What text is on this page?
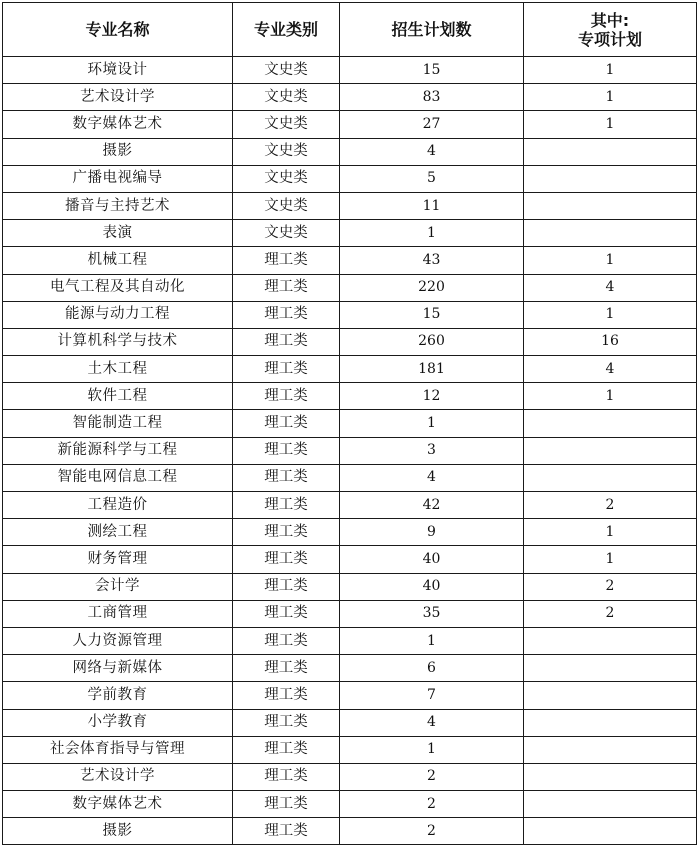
专业名称	专业类别	招生计划数	其中:
专项计划

环境设计	文史类	15	1
艺术设计学	文史类	83	1
数字媒体艺术	文史类	27	1
摄影	文史类	4	
广播电视编导	文史类	5	
播音与主持艺术	文史类	11	
表演	文史类	1	
机械工程	理工类	43	1
电气工程及其自动化	理工类	220	4
能源与动力工程	理工类	15	1
计算机科学与技术	理工类	260	16
土木工程	理工类	181	4
软件工程	理工类	12	1
智能制造工程	理工类	1	
新能源科学与工程	理工类	3	
智能电网信息工程	理工类	4	
工程造价	理工类	42	2
测绘工程	理工类	9	1
财务管理	理工类	40	1
会计学	理工类	40	2
工商管理	理工类	35	2
人力资源管理	理工类	1	
网络与新媒体	理工类	6	
学前教育	理工类	7	
小学教育	理工类	4	
社会体育指导与管理	理工类	1	
艺术设计学	理工类	2	
数字媒体艺术	理工类	2	
摄影	理工类	2	
